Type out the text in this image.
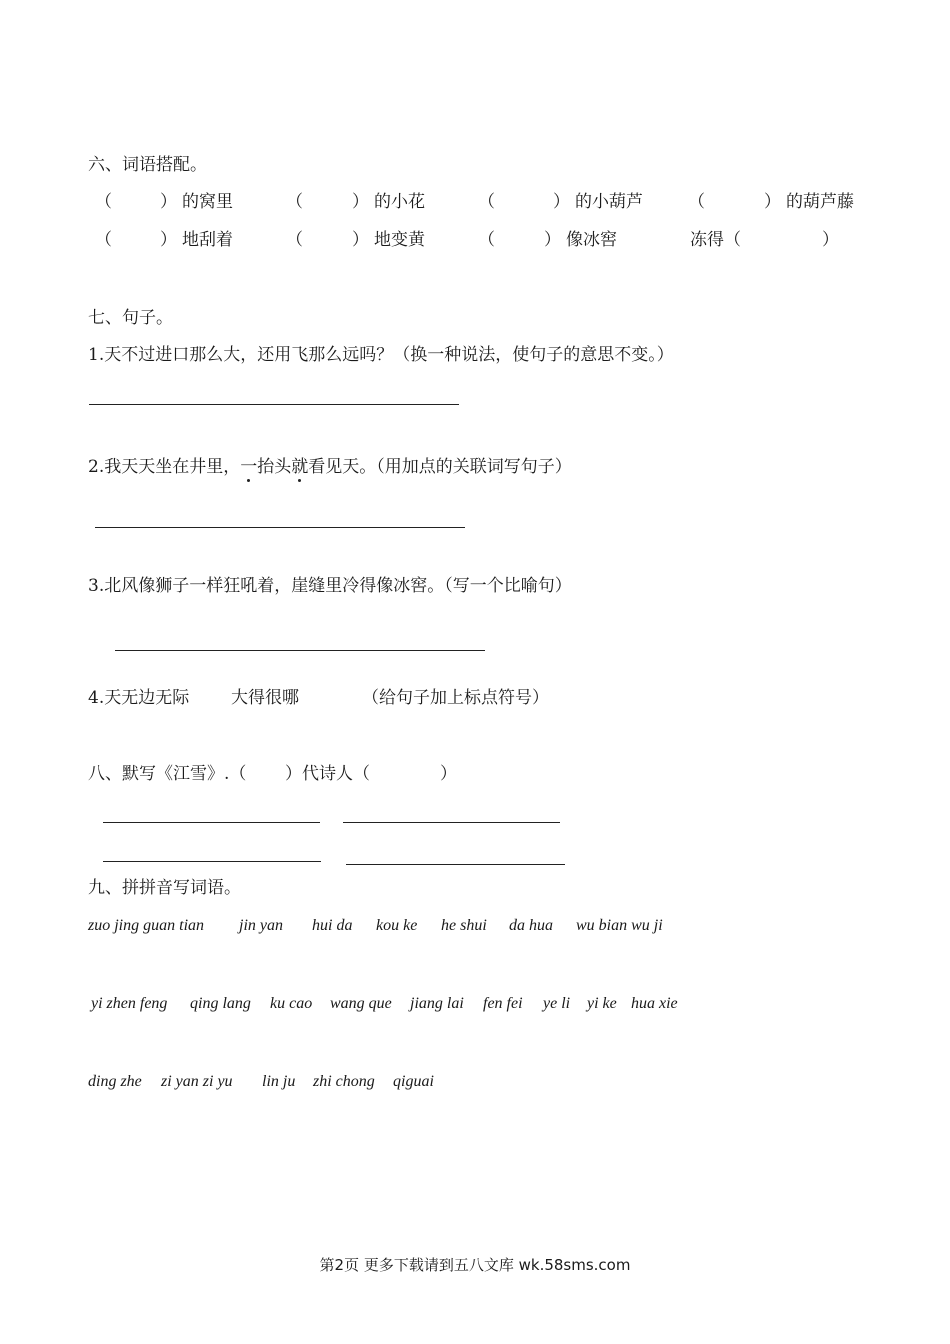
六、词语搭配。
（	） 的窝里	（	） 的小花	（	） 的小葫芦	（	） 的葫芦藤
（	） 地刮着	（	） 地变黄	（	） 像冰窖	冻得（	）
七、句子。
1.天不过进口那么大，还用飞那么远吗？（换一种说法，使句子的意思不变。）
2.我天天坐在井里，一
抬头就
看见天。（用加点的关联词写句子）
3.北风像狮子一样狂吼着，崖缝里冷得像冰窖。（写一个比喻句）
4.天无边无际 大得很哪	（给句子加上标点符号）
八、默写《江雪》.（ ）代诗人（	）
九、拼拼音写词语。
zuo jing guan tian jin yan hui da kou ke he shui da hua wu bian wu ji
yi zhen feng qing lang ku cao wang que jiang lai fen fei ye li yi ke hua xie
ding zhe zi yan zi yu lin ju zhi chong qiguai
第2页 更多下载请到五八文库 wk.58sms.com
